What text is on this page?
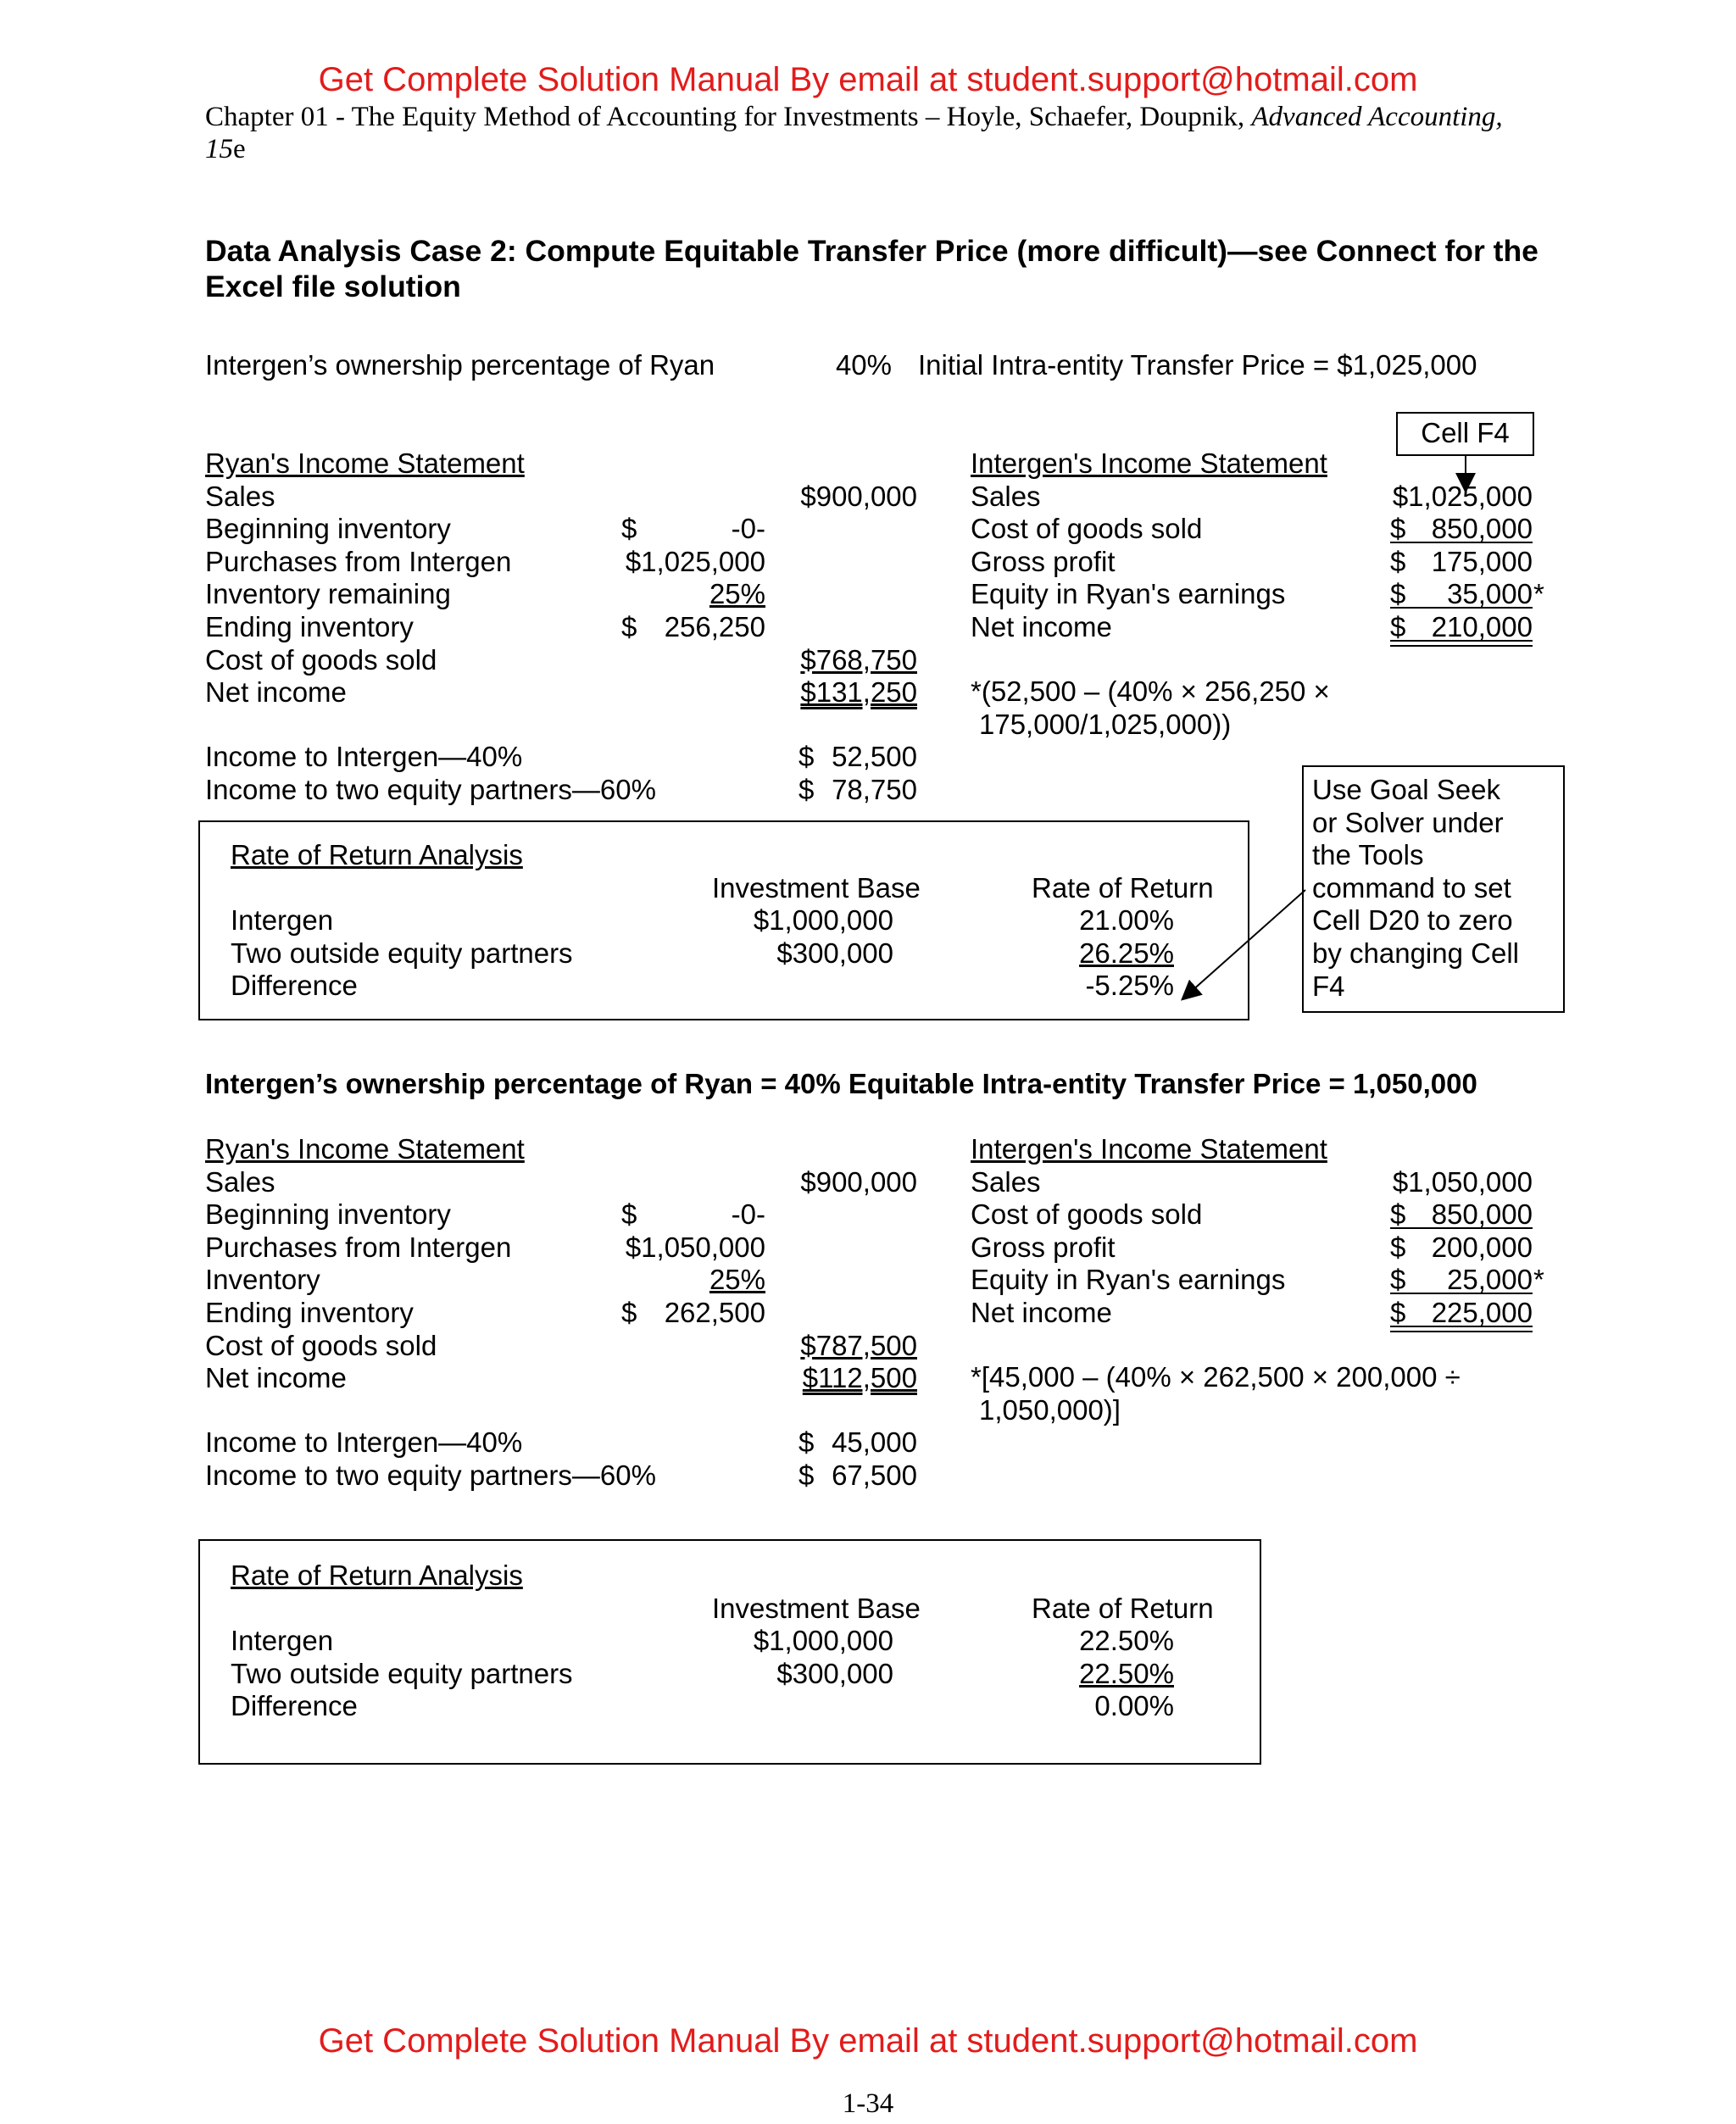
Get Complete Solution Manual By email at student.support@hotmail.com
Chapter 01 - The Equity Method of Accounting for Investments – Hoyle, Schaefer, Doupnik, Advanced Accounting,
15e
Data Analysis Case 2: Compute Equitable Transfer Price (more difficult)—see Connect for the Excel file solution
Intergen’s ownership percentage of Ryan	40% Initial Intra-entity Transfer Price = $1,025,000
Cell F4
Use Goal Seek
or Solver under
the Tools
command to set
Cell D20 to zero
by changing Cell
F4
Ryan's Income Statement
Sales	$900,000
Beginning inventory	$	-0-
Purchases from Intergen	$1,025,000
Inventory remaining	25%
Ending inventory	$ 256,250
Cost of goods sold	$768,750
Net income	$131,250
Intergen's Income Statement
Sales	$1,025,000
Cost of goods sold	$ 850,000
Gross profit	$ 175,000
Equity in Ryan's earnings	$ 35,000 *
Net income	$ 210,000
Income to Intergen—40%	$ 52,500
Income to two equity partners—60%	$ 78,750
*(52,500 – (40% × 256,250 ×
175,000/1,025,000))
Rate of Return Analysis
Investment Base	Rate of Return
Intergen	$1,000,000	21.00%
Two outside equity partners	$300,000	26.25%
Difference	-5.25%
Intergen’s ownership percentage of Ryan = 40% Equitable Intra-entity Transfer Price = 1,050,000
Ryan's Income Statement
Sales	$900,000
Beginning inventory	$	-0-
Purchases from Intergen	$1,050,000
Inventory	25%
Ending inventory	$ 262,500
Cost of goods sold	$787,500
Net income	$112,500
Intergen's Income Statement
Sales	$1,050,000
Cost of goods sold	$ 850,000
Gross profit	$ 200,000
Equity in Ryan's earnings	$ 25,000 *
Net income	$ 225,000
Income to Intergen—40%	$ 45,000
Income to two equity partners—60%	$ 67,500
*[45,000 – (40% × 262,500 × 200,000 ÷
1,050,000)]
Rate of Return Analysis
Investment Base	Rate of Return
Intergen	$1,000,000	22.50%
Two outside equity partners	$300,000	22.50%
Difference	0.00%
Get Complete Solution Manual By email at student.support@hotmail.com
1-34
